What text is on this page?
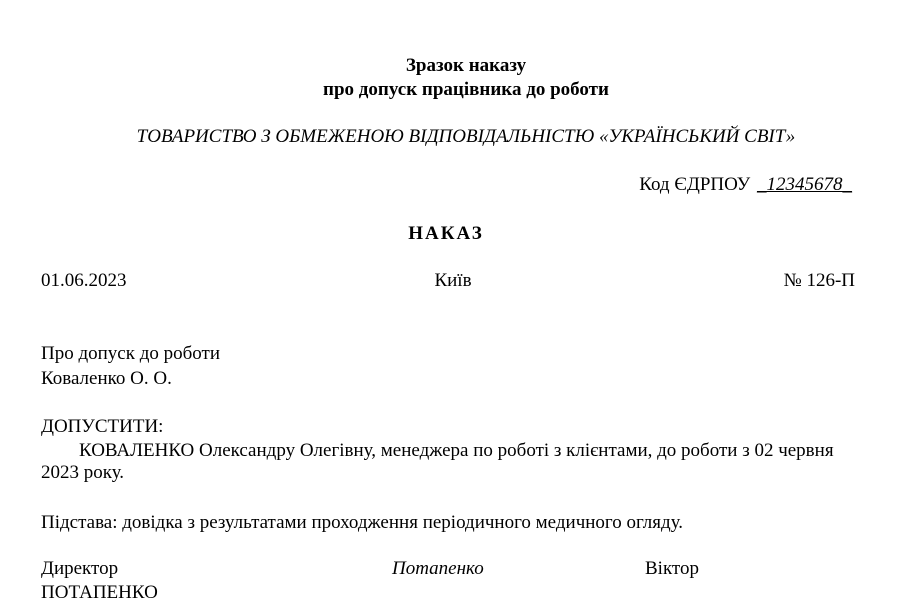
Зразок наказу
про допуск працівника до роботи
ТОВАРИСТВО З ОБМЕЖЕНОЮ ВІДПОВІДАЛЬНІСТЮ «УКРАЇНСЬКИЙ СВІТ»
Код ЄДРПОУ _12345678_
НАКАЗ
01.06.2023	Київ	№ 126-П
Про допуск до роботи
Коваленко О. О.
ДОПУСТИТИ:
КОВАЛЕНКО Олександру Олегівну, менеджера по роботі з клієнтами, до роботи з 02 червня 2023 року.
Підстава: довідка з результатами проходження періодичного медичного огляду.
Директор	Потапенко	Віктор
ПОТАПЕНКО
